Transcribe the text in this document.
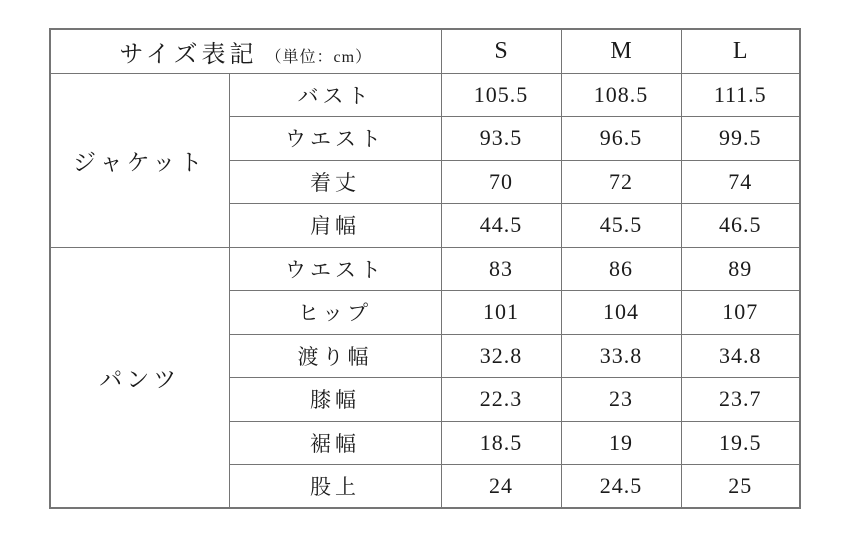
サイズ表記 （単位：cm）		S	M	L
ジャケット	バスト	105.5	108.5	111.5
	ウエスト	93.5	96.5	99.5
	着丈	70	72	74
	肩幅	44.5	45.5	46.5
パンツ	ウエスト	83	86	89
	ヒップ	101	104	107
	渡り幅	32.8	33.8	34.8
	膝幅	22.3	23	23.7
	裾幅	18.5	19	19.5
	股上	24	24.5	25
